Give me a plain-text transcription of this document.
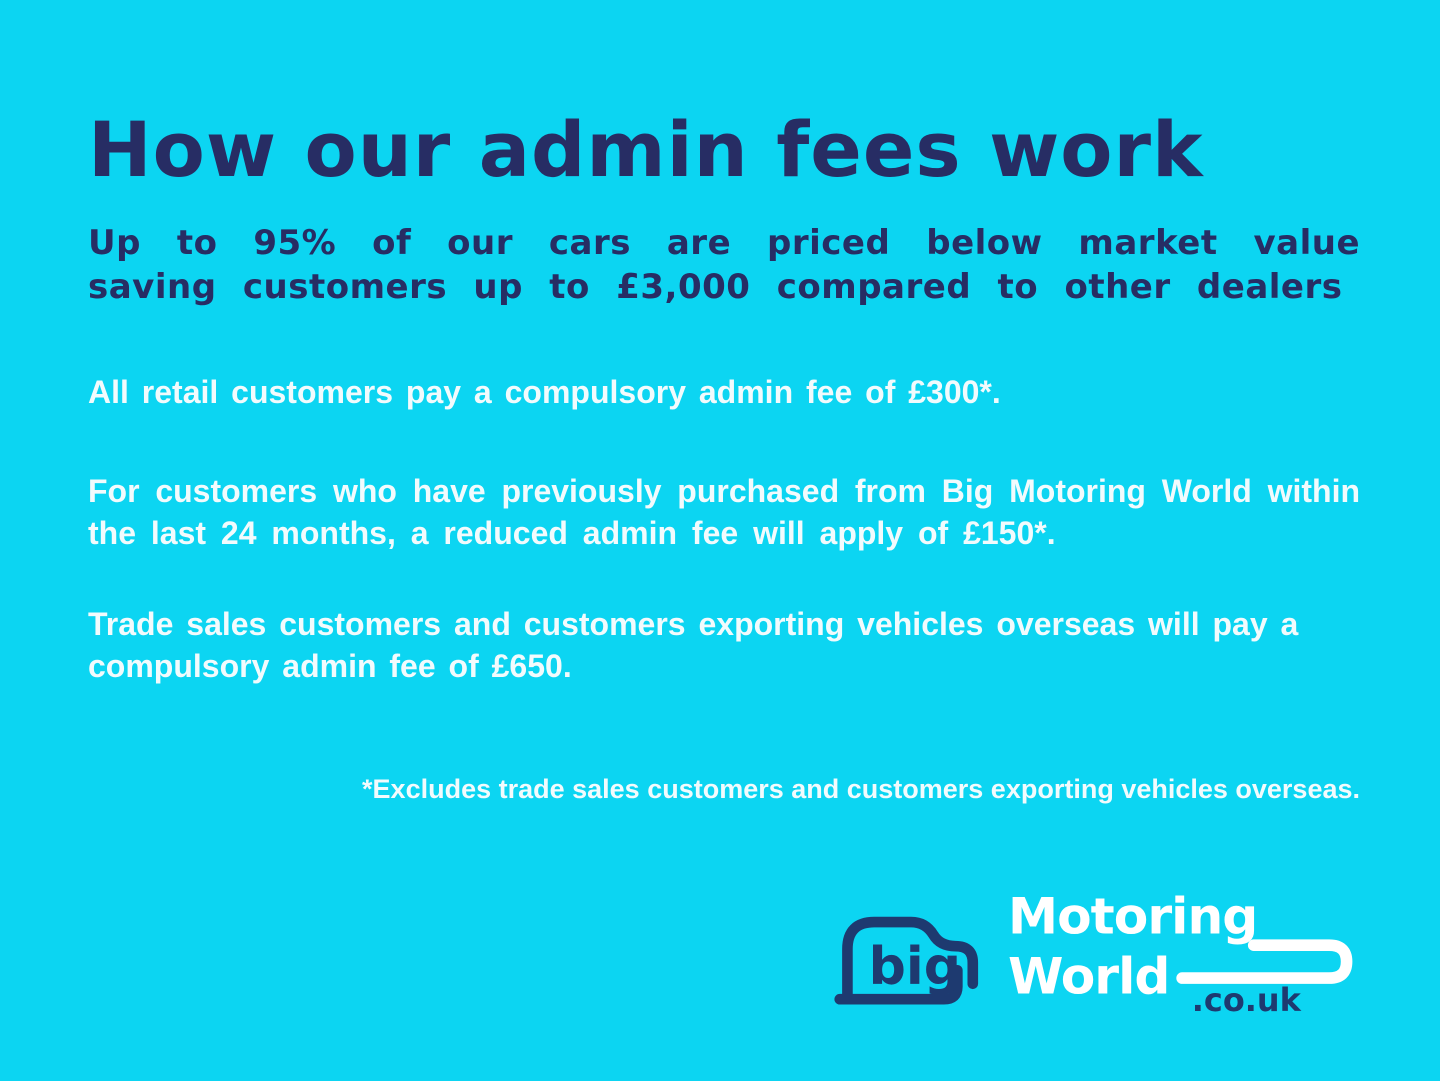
How our admin fees work

Up to 95% of our cars are priced below market value saving customers up to £3,000 compared to other dealers

All retail customers pay a compulsory admin fee of £300*.

For customers who have previously purchased from Big Motoring World within the last 24 months, a reduced admin fee will apply of £150*.

Trade sales customers and customers exporting vehicles overseas will pay a compulsory admin fee of £650.

*Excludes trade sales customers and customers exporting vehicles overseas.

big
Motoring
World .co.uk
